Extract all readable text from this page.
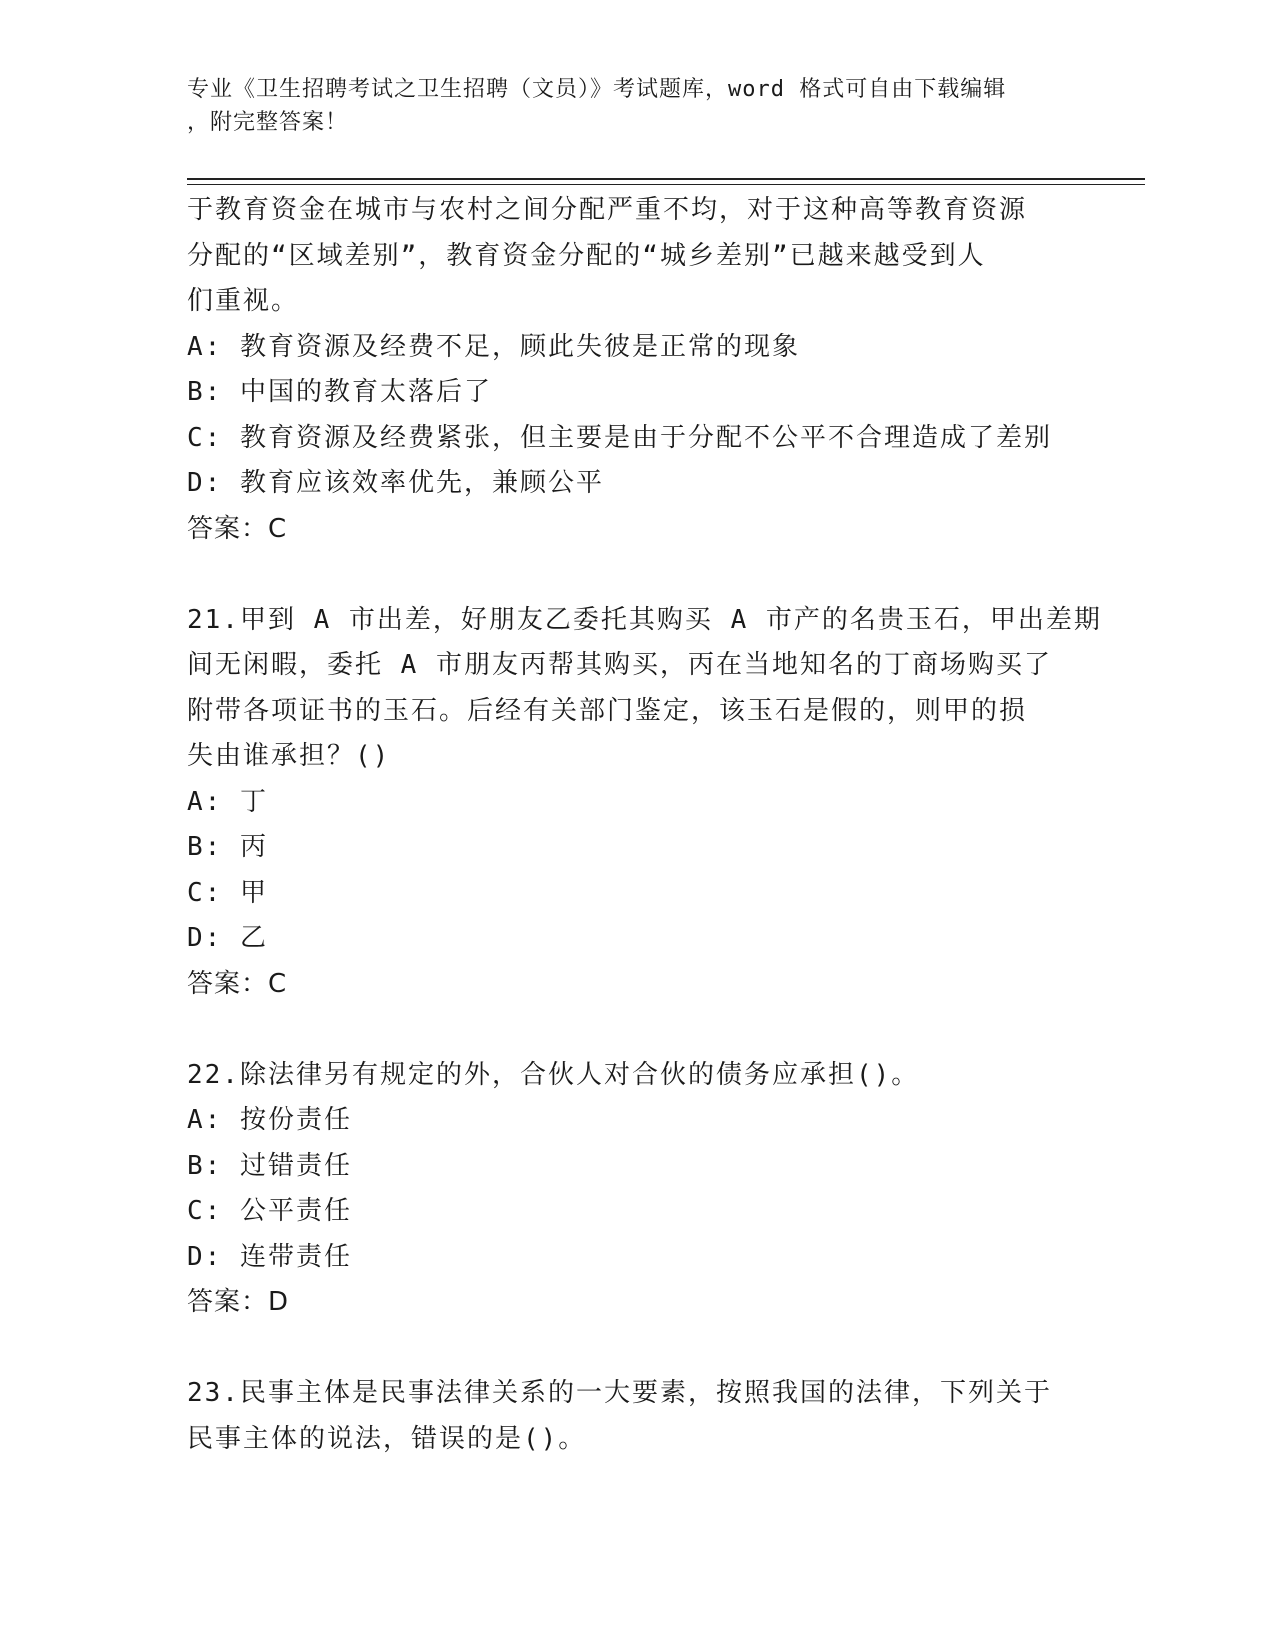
专业《卫生招聘考试之卫生招聘（文员）》考试题库，word 格式可自由下载编辑
，附完整答案！
于教育资金在城市与农村之间分配严重不均，对于这种高等教育资源
分配的“区域差别”，教育资金分配的“城乡差别”已越来越受到人
们重视。
A: 教育资源及经费不足，顾此失彼是正常的现象
B: 中国的教育太落后了
C: 教育资源及经费紧张，但主要是由于分配不公平不合理造成了差别
D: 教育应该效率优先，兼顾公平
答案：C
21.甲到 A 市出差，好朋友乙委托其购买 A 市产的名贵玉石，甲出差期
间无闲暇，委托 A 市朋友丙帮其购买，丙在当地知名的丁商场购买了
附带各项证书的玉石。后经有关部门鉴定，该玉石是假的，则甲的损
失由谁承担？()
A: 丁
B: 丙
C: 甲
D: 乙
答案：C
22.除法律另有规定的外，合伙人对合伙的债务应承担()。
A: 按份责任
B: 过错责任
C: 公平责任
D: 连带责任
答案：D
23.民事主体是民事法律关系的一大要素，按照我国的法律，下列关于
民事主体的说法，错误的是()。
